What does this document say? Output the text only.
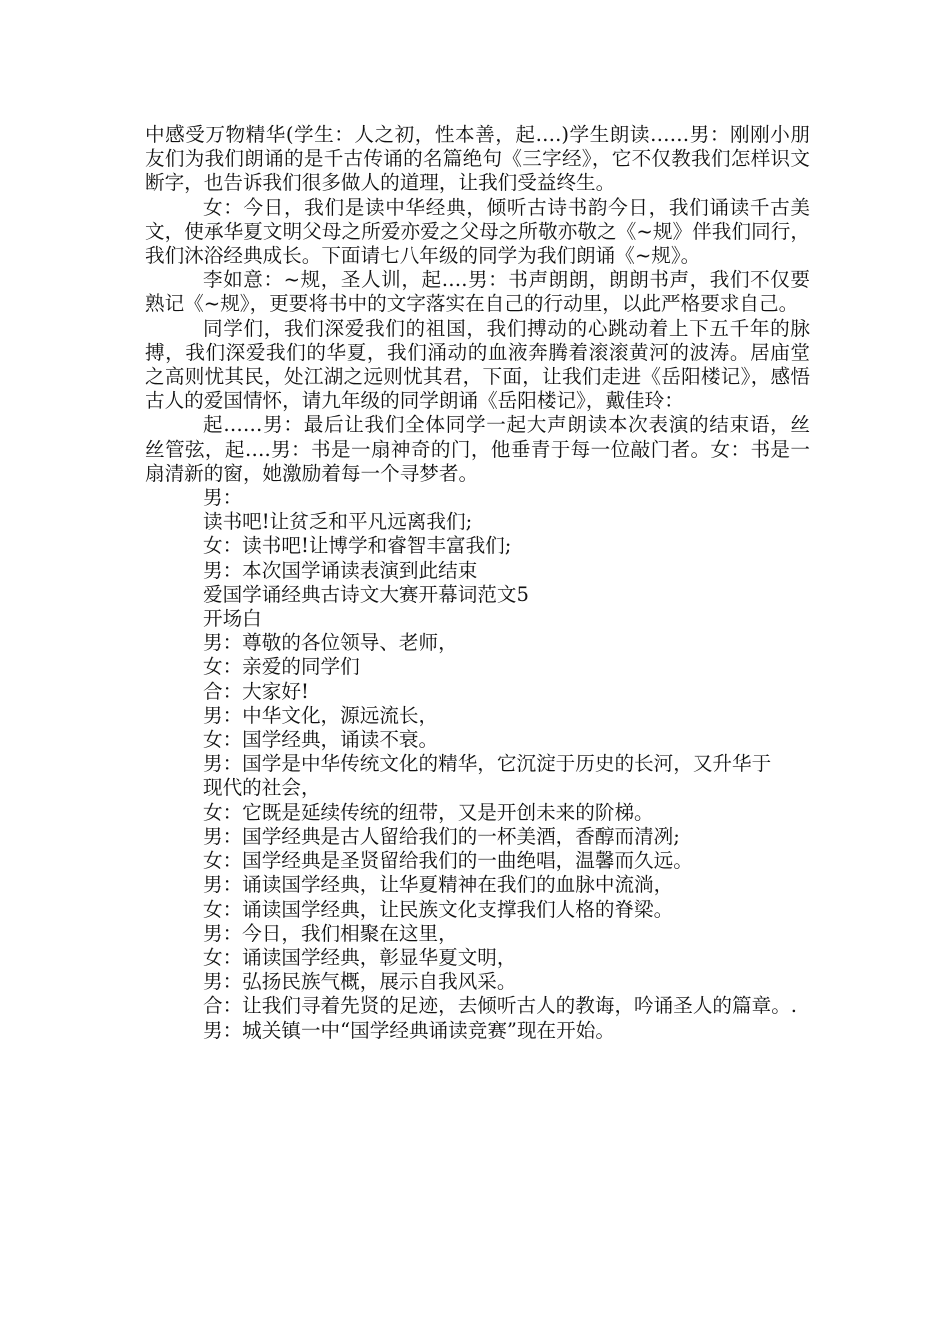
中感受万物精华(学生：人之初，性本善，起….)学生朗读……男：刚刚小朋友们为我们朗诵的是千古传诵的名篇绝句《三字经》，它不仅教我们怎样识文断字，也告诉我们很多做人的道理，让我们受益终生。

女：今日，我们是读中华经典，倾听古诗书韵今日，我们诵读千古美文，使承华夏文明父母之所爱亦爱之父母之所敬亦敬之《~规》伴我们同行，我们沐浴经典成长。下面请七八年级的同学为我们朗诵《~规》。

李如意：~规，圣人训，起….男：书声朗朗，朗朗书声，我们不仅要熟记《~规》，更要将书中的文字落实在自己的行动里，以此严格要求自己。

同学们，我们深爱我们的祖国，我们搏动的心跳动着上下五千年的脉搏，我们深爱我们的华夏，我们涌动的血液奔腾着滚滚黄河的波涛。居庙堂之高则忧其民，处江湖之远则忧其君，下面，让我们走进《岳阳楼记》，感悟古人的爱国情怀，请九年级的同学朗诵《岳阳楼记》，戴佳玲：

起……男：最后让我们全体同学一起大声朗读本次表演的结束语，丝丝管弦，起….男：书是一扇神奇的门，他垂青于每一位敲门者。女：书是一扇清新的窗，她激励着每一个寻梦者。

男：

读书吧!让贫乏和平凡远离我们;

女：读书吧!让博学和睿智丰富我们;

男：本次国学诵读表演到此结束

爱国学诵经典古诗文大赛开幕词范文5

开场白

男：尊敬的各位领导、老师，

女：亲爱的同学们

合：大家好!

男：中华文化，源远流长，

女：国学经典，诵读不衰。

男：国学是中华传统文化的精华，它沉淀于历史的长河，又升华于

现代的社会，

女：它既是延续传统的纽带，又是开创未来的阶梯。

男：国学经典是古人留给我们的一杯美酒，香醇而清冽;

女：国学经典是圣贤留给我们的一曲绝唱，温馨而久远。

男：诵读国学经典，让华夏精神在我们的血脉中流淌，

女：诵读国学经典，让民族文化支撑我们人格的脊梁。

男：今日，我们相聚在这里，

女：诵读国学经典，彰显华夏文明，

男：弘扬民族气概，展示自我风采。

合：让我们寻着先贤的足迹，去倾听古人的教诲，吟诵圣人的篇章。.

男：城关镇一中“国学经典诵读竞赛”现在开始。
